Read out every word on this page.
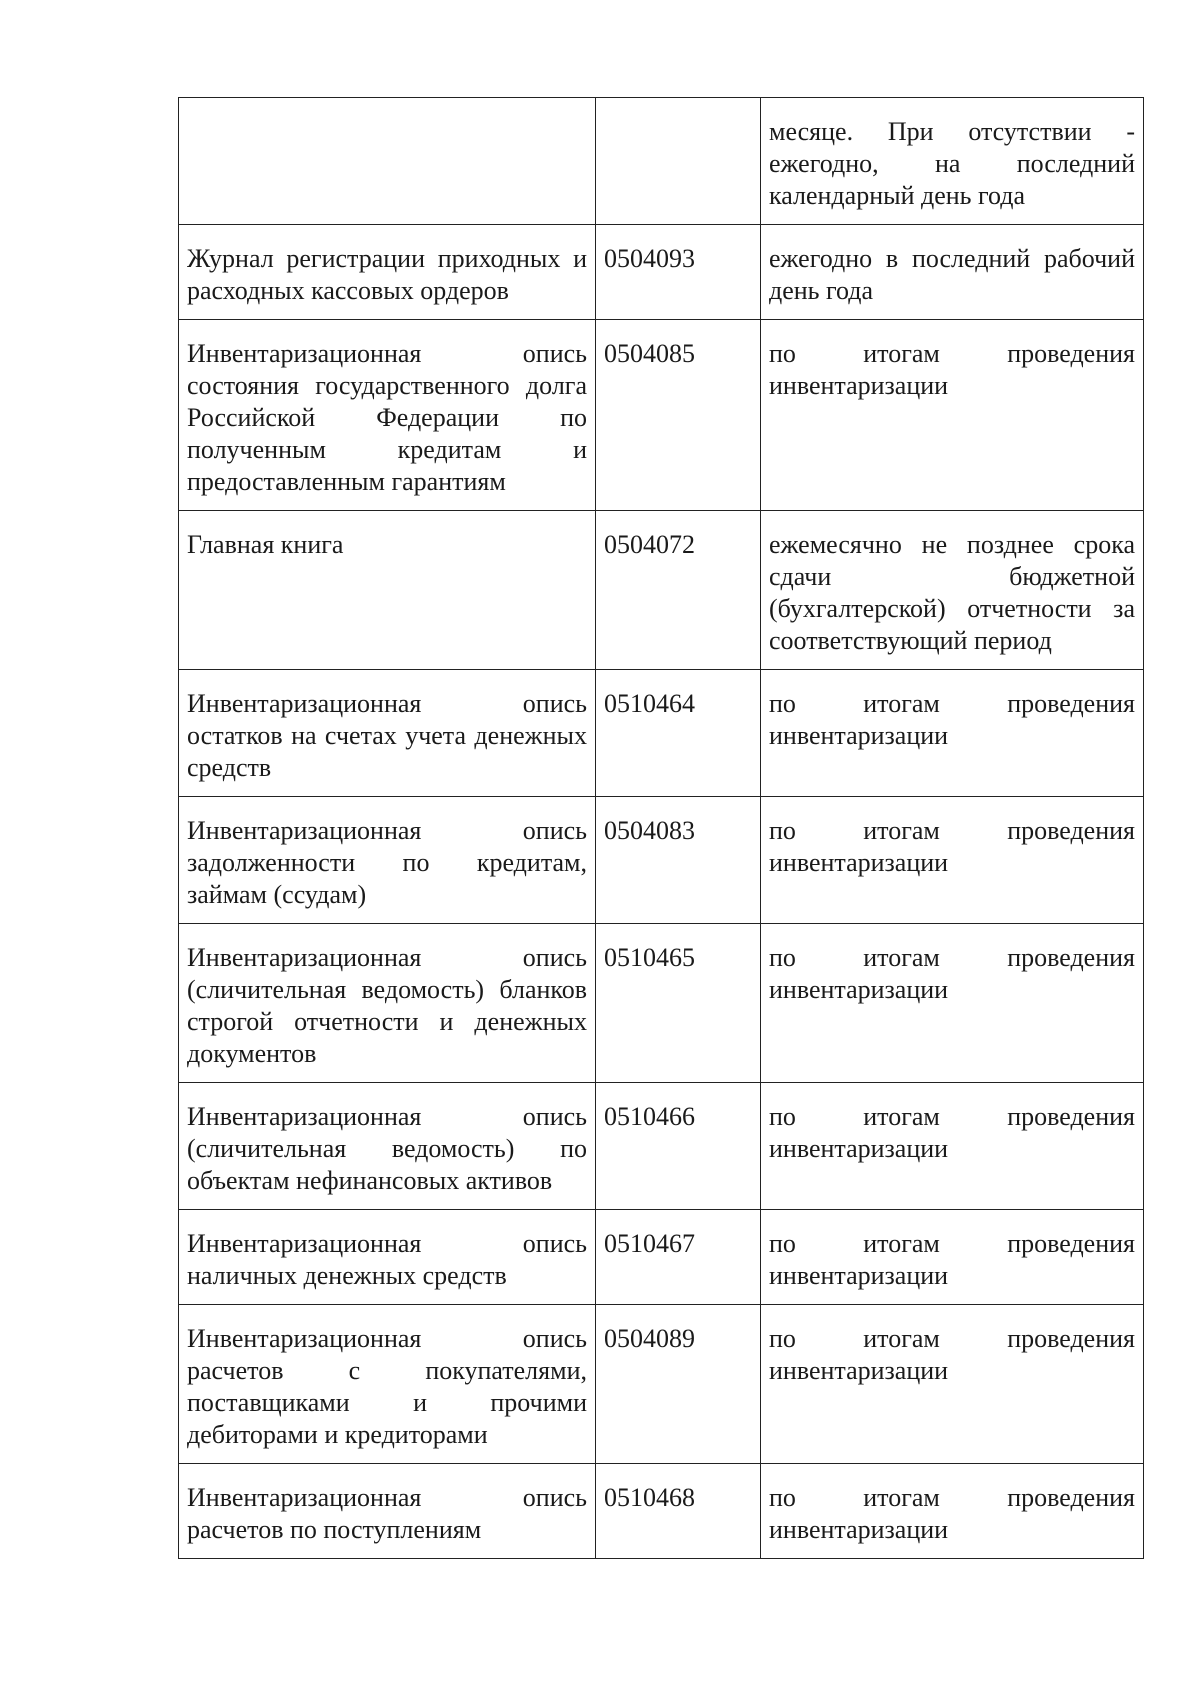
		месяце. При отсутствии - ежегодно, на последний календарный день года
Журнал регистрации приходных и расходных кассовых ордеров	0504093	ежегодно в последний рабочий день года
Инвентаризационная опись состояния государственного долга Российской Федерации по полученным кредитам и предоставленным гарантиям	0504085	по итогам проведения инвентаризации
Главная книга	0504072	ежемесячно не позднее срока сдачи бюджетной (бухгалтерской) отчетности за соответствующий период
Инвентаризационная опись остатков на счетах учета денежных средств	0510464	по итогам проведения инвентаризации
Инвентаризационная опись задолженности по кредитам, займам (ссудам)	0504083	по итогам проведения инвентаризации
Инвентаризационная опись (сличительная ведомость) бланков строгой отчетности и денежных документов	0510465	по итогам проведения инвентаризации
Инвентаризационная опись (сличительная ведомость) по объектам нефинансовых активов	0510466	по итогам проведения инвентаризации
Инвентаризационная опись наличных денежных средств	0510467	по итогам проведения инвентаризации
Инвентаризационная опись расчетов с покупателями, поставщиками и прочими дебиторами и кредиторами	0504089	по итогам проведения инвентаризации
Инвентаризационная опись расчетов по поступлениям	0510468	по итогам проведения инвентаризации
